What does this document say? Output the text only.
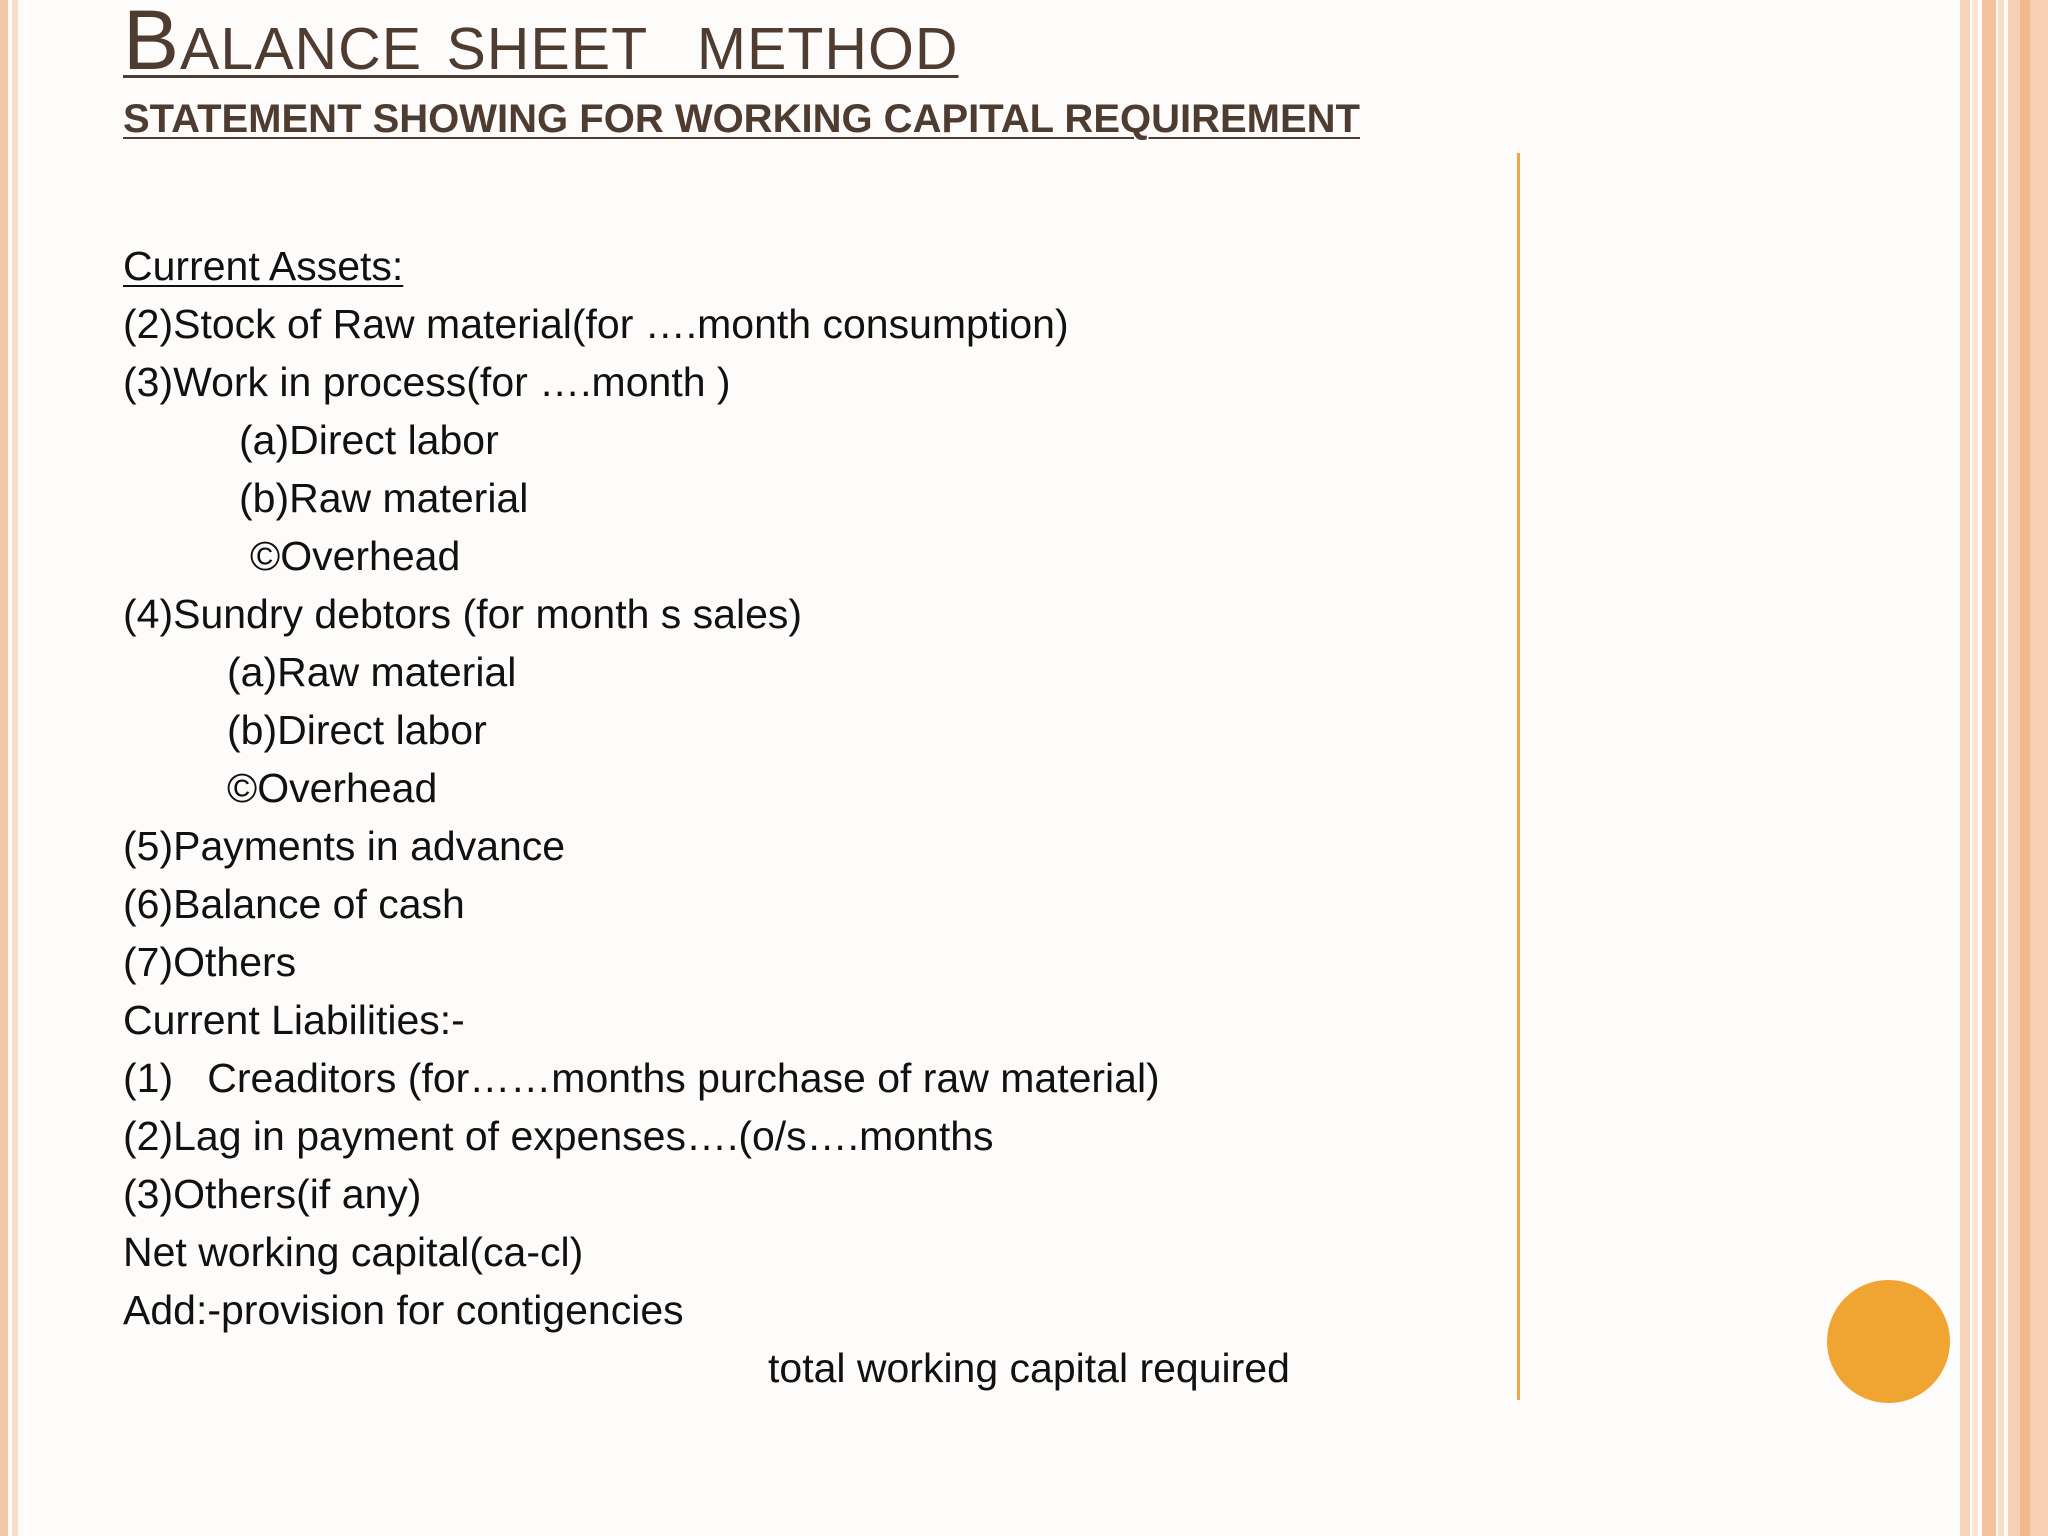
Balance sheet  method
STATEMENT SHOWING FOR WORKING CAPITAL REQUIREMENT
Current Assets:
(2)Stock of Raw material(for ….month consumption)
(3)Work in process(for ….month )
(a)Direct labor
(b)Raw material
©Overhead
(4)Sundry debtors (for month s sales)
(a)Raw material
(b)Direct labor
©Overhead
(5)Payments in advance
(6)Balance of cash
(7)Others
Current Liabilities:-
(1)   Creaditors (for……months purchase of raw material)
(2)Lag in payment of expenses….(o/s….months
(3)Others(if any)
Net working capital(ca-cl)
Add:-provision for contigencies
total working capital required
